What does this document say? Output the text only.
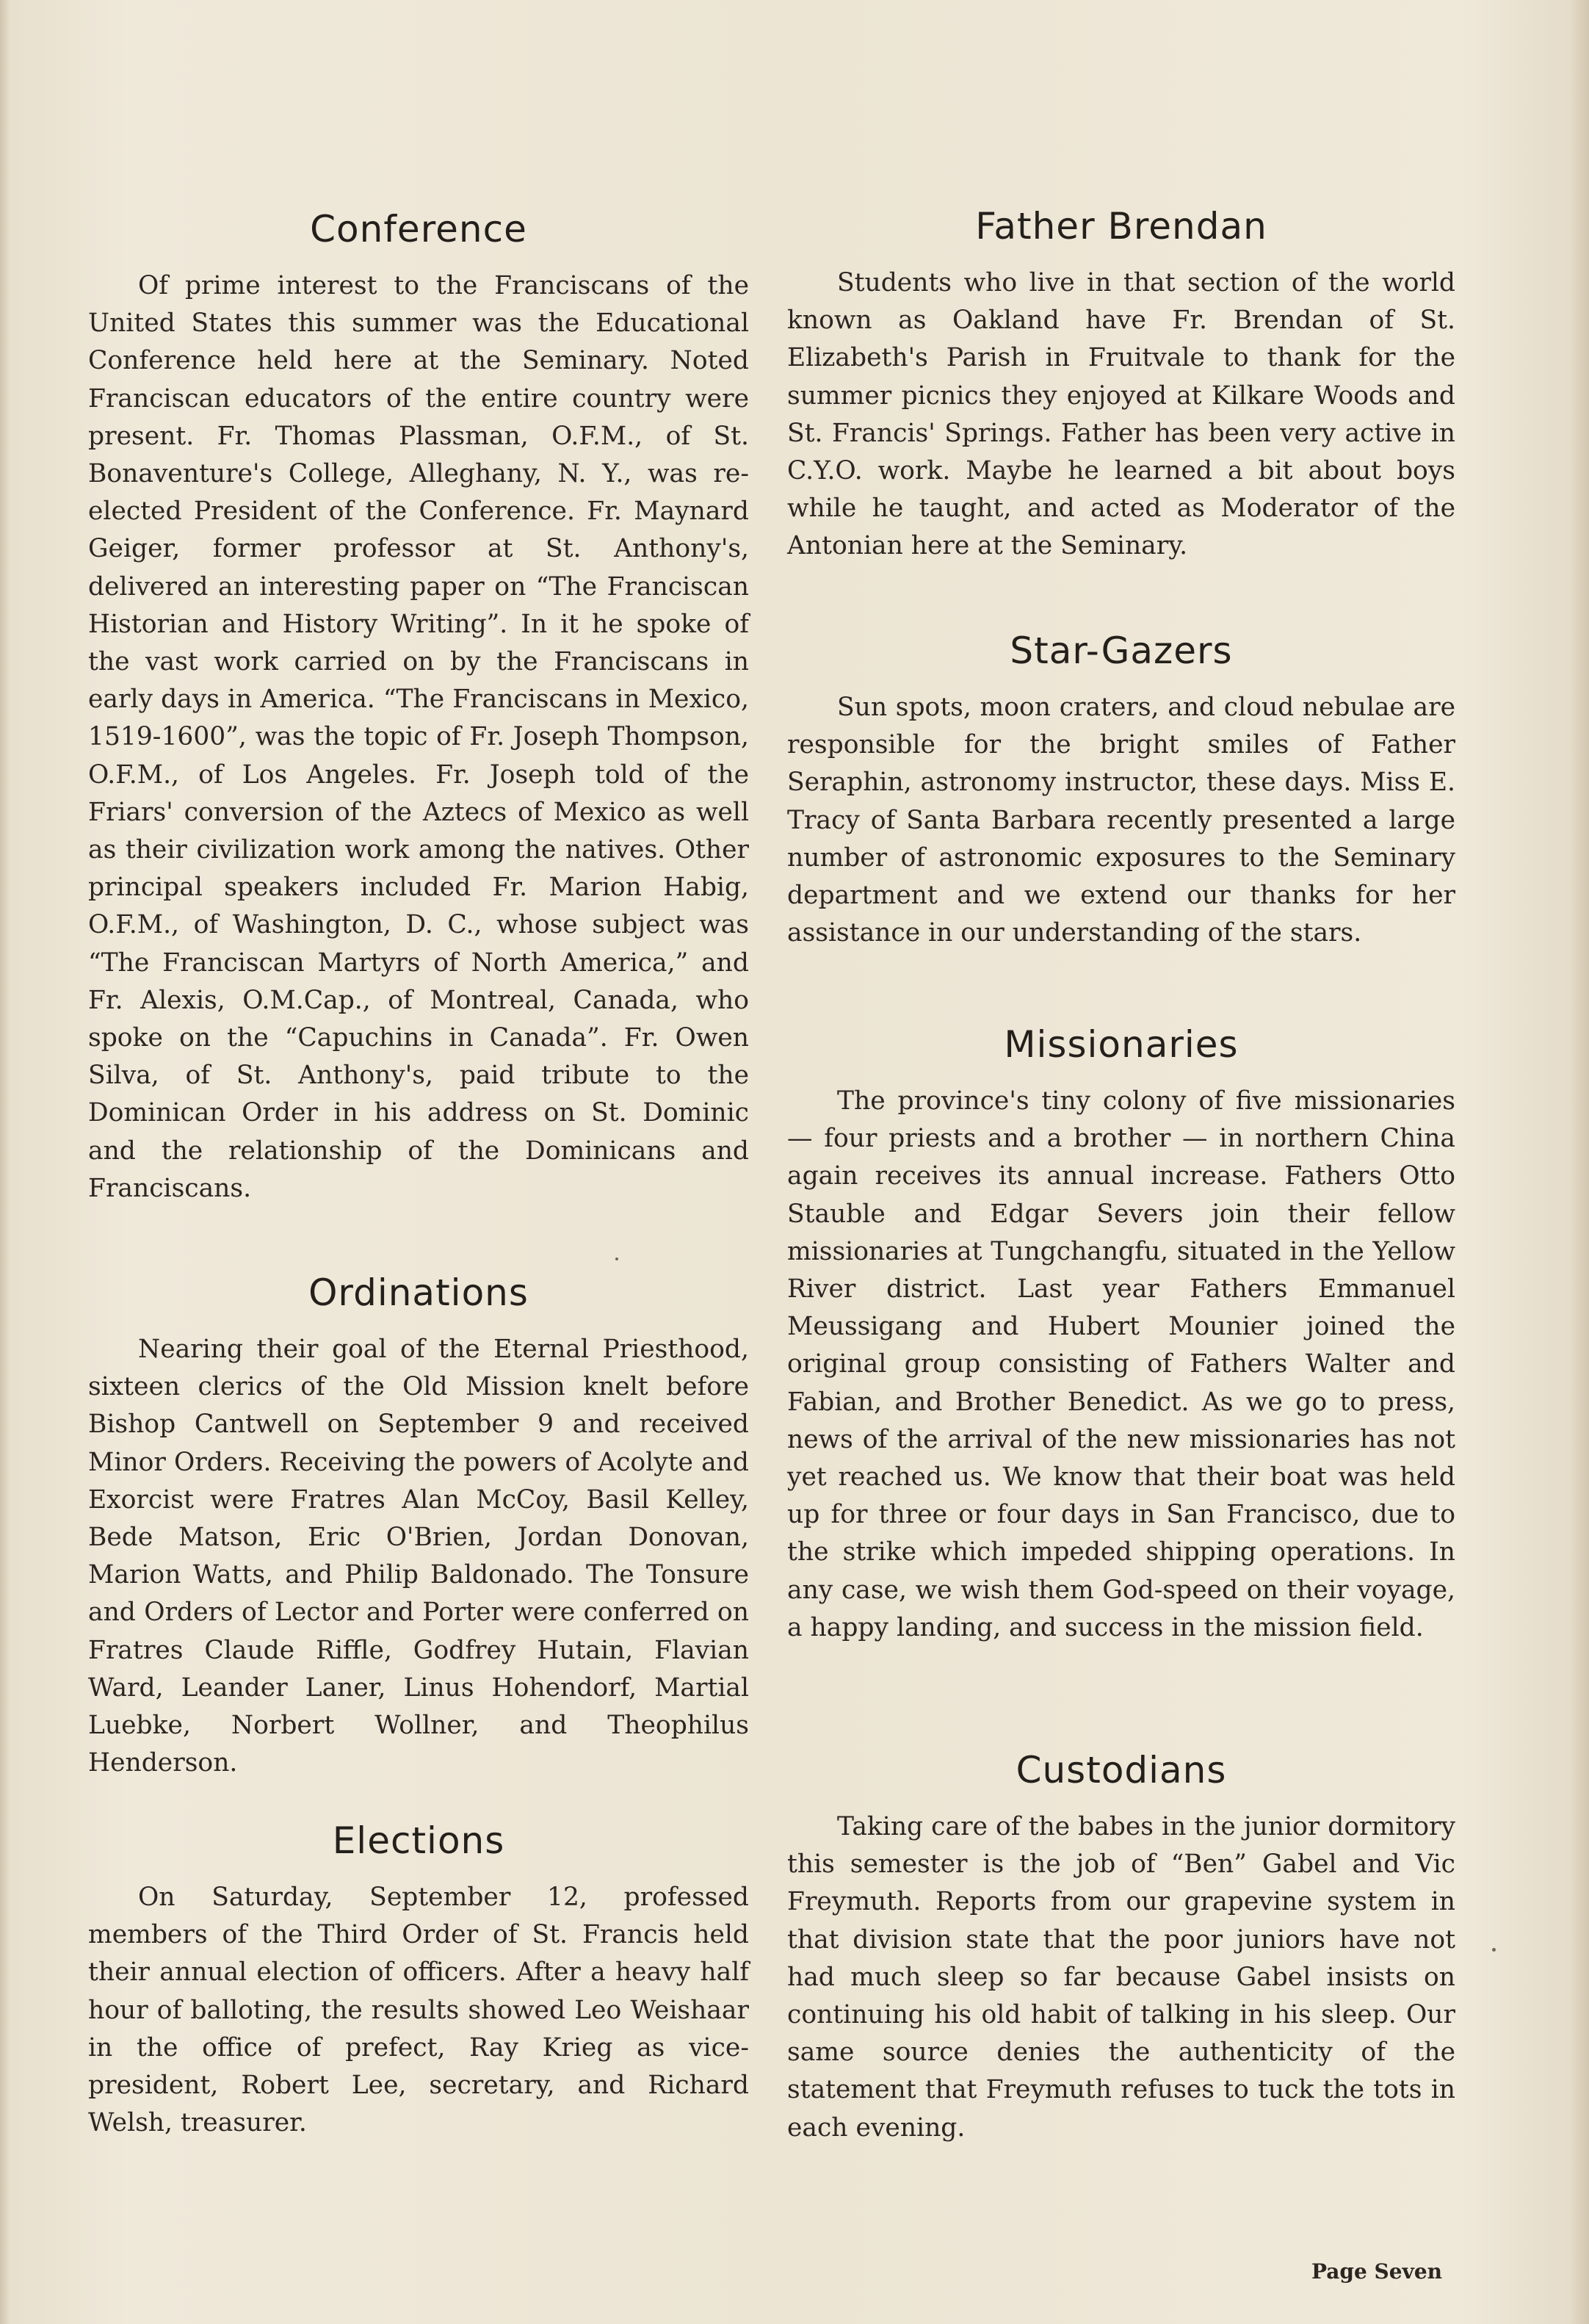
Conference

Of prime interest to the Franciscans of the United States this summer was the Educational Conference held here at the Seminary. Noted Franciscan educators of the entire country were present. Fr. Thomas Plassman, O.F.M., of St. Bonaventure's College, Alleghany, N. Y., was re-elected President of the Conference. Fr. Maynard Geiger, former professor at St. Anthony's, delivered an interesting paper on “The Franciscan Historian and History Writing”. In it he spoke of the vast work carried on by the Franciscans in early days in America. “The Franciscans in Mexico, 1519-1600”, was the topic of Fr. Joseph Thompson, O.F.M., of Los Angeles. Fr. Joseph told of the Friars' conversion of the Aztecs of Mexico as well as their civilization work among the natives. Other principal speakers included Fr. Marion Habig, O.F.M., of Washington, D. C., whose subject was “The Franciscan Martyrs of North America,” and Fr. Alexis, O.M.Cap., of Montreal, Canada, who spoke on the “Capuchins in Canada”. Fr. Owen Silva, of St. Anthony's, paid tribute to the Dominican Order in his address on St. Dominic and the relationship of the Dominicans and Franciscans.

Ordinations

Nearing their goal of the Eternal Priesthood, sixteen clerics of the Old Mission knelt before Bishop Cantwell on September 9 and received Minor Orders. Receiving the powers of Acolyte and Exorcist were Fratres Alan McCoy, Basil Kelley, Bede Matson, Eric O'Brien, Jordan Donovan, Marion Watts, and Philip Baldonado. The Tonsure and Orders of Lector and Porter were conferred on Fratres Claude Riffle, Godfrey Hutain, Flavian Ward, Leander Laner, Linus Hohendorf, Martial Luebke, Norbert Wollner, and Theophilus Henderson.

Elections

On Saturday, September 12, professed members of the Third Order of St. Francis held their annual election of officers. After a heavy half hour of balloting, the results showed Leo Weishaar in the office of prefect, Ray Krieg as vice-president, Robert Lee, secretary, and Richard Welsh, treasurer.

Father Brendan

Students who live in that section of the world known as Oakland have Fr. Brendan of St. Elizabeth's Parish in Fruitvale to thank for the summer picnics they enjoyed at Kilkare Woods and St. Francis' Springs. Father has been very active in C.Y.O. work. Maybe he learned a bit about boys while he taught, and acted as Moderator of the Antonian here at the Seminary.

Star-Gazers

Sun spots, moon craters, and cloud nebulae are responsible for the bright smiles of Father Seraphin, astronomy instructor, these days. Miss E. Tracy of Santa Barbara recently presented a large number of astronomic exposures to the Seminary department and we extend our thanks for her assistance in our understanding of the stars.

Missionaries

The province's tiny colony of five missionaries — four priests and a brother — in northern China again receives its annual increase. Fathers Otto Stauble and Edgar Severs join their fellow missionaries at Tungchangfu, situated in the Yellow River district. Last year Fathers Emmanuel Meussigang and Hubert Mounier joined the original group consisting of Fathers Walter and Fabian, and Brother Benedict. As we go to press, news of the arrival of the new missionaries has not yet reached us. We know that their boat was held up for three or four days in San Francisco, due to the strike which impeded shipping operations. In any case, we wish them God-speed on their voyage, a happy landing, and success in the mission field.

Custodians

Taking care of the babes in the junior dormitory this semester is the job of “Ben” Gabel and Vic Freymuth. Reports from our grapevine system in that division state that the poor juniors have not had much sleep so far because Gabel insists on continuing his old habit of talking in his sleep. Our same source denies the authenticity of the statement that Freymuth refuses to tuck the tots in each evening.

Page Seven
